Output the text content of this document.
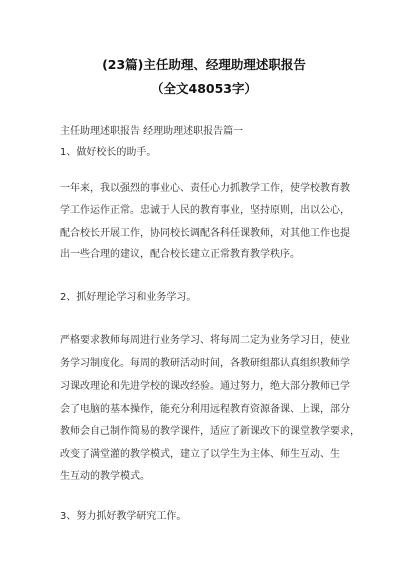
(23篇)主任助理、经理助理述职报告
（全文48053字）
主任助理述职报告 经理助理述职报告篇一
1、做好校长的助手。
一年来，我以强烈的事业心、责任心力抓教学工作，使学校教育教
学工作运作正常。忠诚于人民的教育事业，坚持原则，出以公心，
配合校长开展工作，协同校长调配各科任课教师，对其他工作也提
出一些合理的建议，配合校长建立正常教育教学秩序。
2、抓好理论学习和业务学习。
严格要求教师每周进行业务学习、将每周二定为业务学习日，使业
务学习制度化。每周的教研活动时间，各教研组都认真组织教师学
习课改理论和先进学校的课改经验。通过努力，绝大部分教师已学
会了电脑的基本操作，能充分利用远程教育资源备课、上课，部分
教师会自己制作简易的教学课件，适应了新课改下的课堂教学要求，
改变了满堂灌的教学模式，建立了以学生为主体、师生互动、生
生互动的教学模式。
3、努力抓好教学研究工作。
